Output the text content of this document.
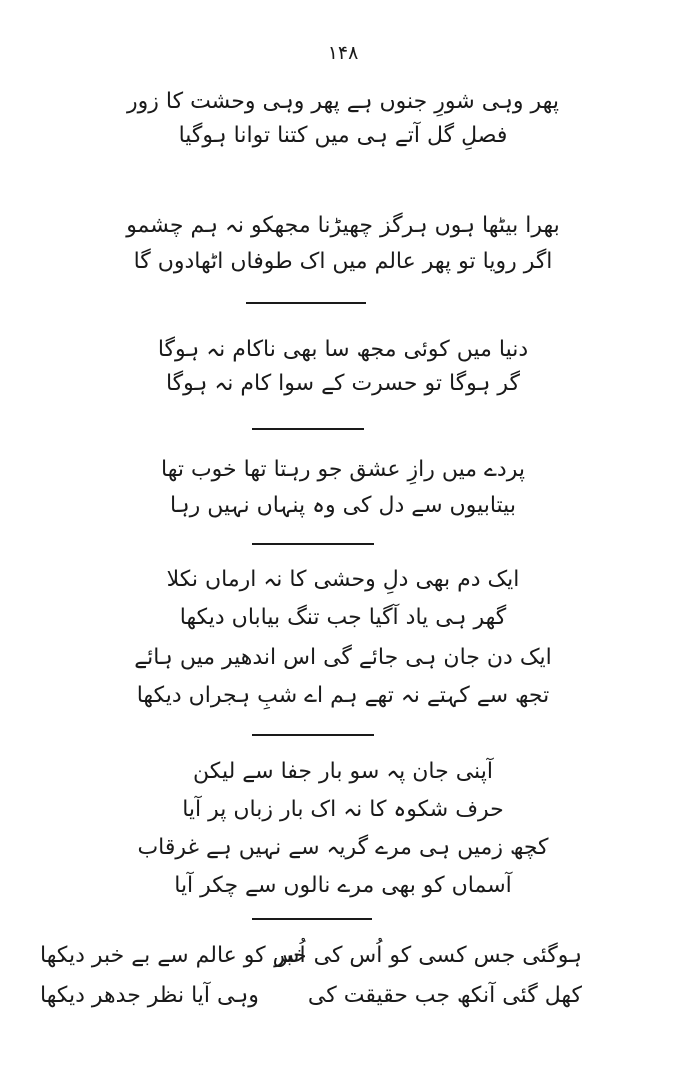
۱۴۸
پھر وہی شورِ جنوں ہے پھر وہی وحشت کا زور
فصلِ گل آتے ہی میں کتنا توانا ہوگیا
بھرا بیٹھا ہوں ہرگز چھیڑنا مجھکو نہ ہم چشمو
اگر رویا تو پھر عالم میں اک طوفاں اٹھادوں گا
دنیا میں کوئی مجھ سا بھی ناکام نہ ہوگا
گر ہوگا تو حسرت کے سوا کام نہ ہوگا
پردے میں رازِ عشق جو رہتا تھا خوب تھا
بیتابیوں سے دل کی وہ پنہاں نہیں رہا
ایک دم بھی دلِ وحشی کا نہ ارماں نکلا
گھر ہی یاد آگیا جب تنگ بیاباں دیکھا
ایک دن جان ہی جائے گی اس اندھیر میں ہائے
تجھ سے کہتے نہ تھے ہم اے شبِ ہجراں دیکھا
آپنی جان پہ سو بار جفا سے لیکن
حرف شکوہ کا نہ اک بار زباں پر آیا
کچھ زمیں ہی مرے گریہ سے نہیں ہے غرقاب
آسماں کو بھی مرے نالوں سے چکر آیا
ہوگئی جس کسی کو اُس کی خبر
اُس کو عالم سے بے خبر دیکھا
کھل گئی آنکھ جب حقیقت کی
وہی آیا نظر جدھر دیکھا
